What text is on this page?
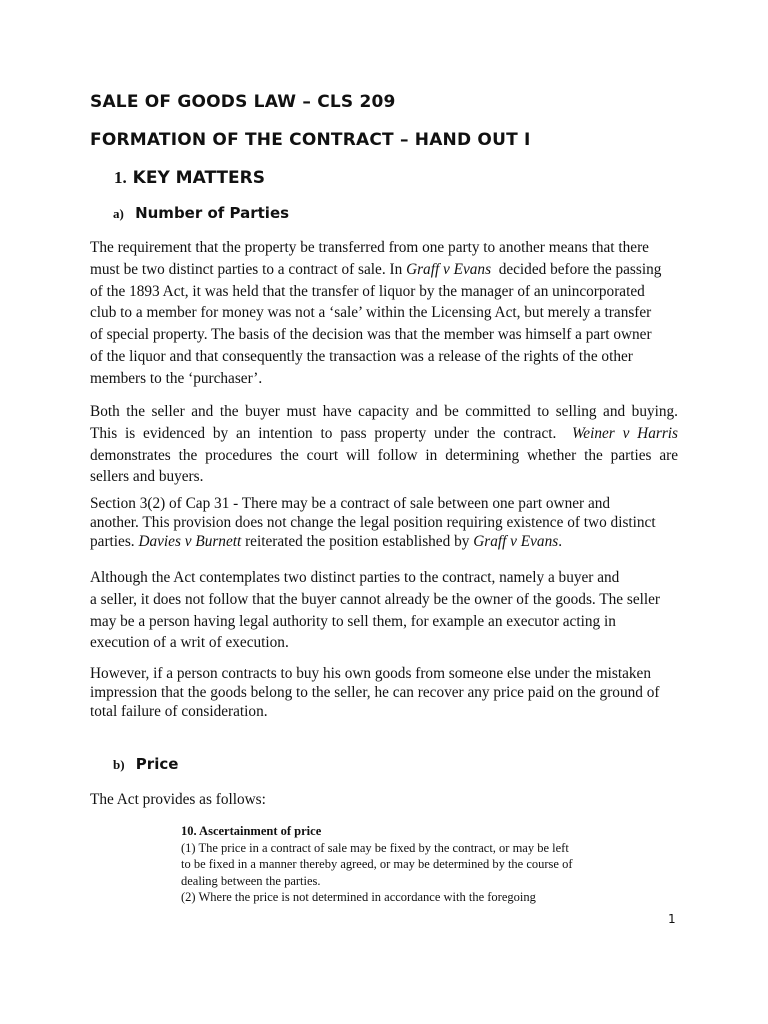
SALE OF GOODS LAW – CLS 209
FORMATION OF THE CONTRACT – HAND OUT I
1. KEY MATTERS
a) Number of Parties
The requirement that the property be transferred from one party to another means that there
must be two distinct parties to a contract of sale. In Graff v Evans  decided before the passing
of the 1893 Act, it was held that the transfer of liquor by the manager of an unincorporated
club to a member for money was not a ‘sale’ within the Licensing Act, but merely a transfer
of special property. The basis of the decision was that the member was himself a part owner
of the liquor and that consequently the transaction was a release of the rights of the other
members to the ‘purchaser’.
Both the seller and the buyer must have capacity and be committed to selling and buying.
This is evidenced by an intention to pass property under the contract.  Weiner v Harris
demonstrates the procedures the court will follow in determining whether the parties are
sellers and buyers.
Section 3(2) of Cap 31 - There may be a contract of sale between one part owner and
another. This provision does not change the legal position requiring existence of two distinct
parties. Davies v Burnett reiterated the position established by Graff v Evans.
Although the Act contemplates two distinct parties to the contract, namely a buyer and
a seller, it does not follow that the buyer cannot already be the owner of the goods. The seller
may be a person having legal authority to sell them, for example an executor acting in
execution of a writ of execution.
However, if a person contracts to buy his own goods from someone else under the mistaken
impression that the goods belong to the seller, he can recover any price paid on the ground of
total failure of consideration.
b) Price

The Act provides as follows:

10. Ascertainment of price
(1) The price in a contract of sale may be fixed by the contract, or may be left
to be fixed in a manner thereby agreed, or may be determined by the course of
dealing between the parties.
(2) Where the price is not determined in accordance with the foregoing
1
